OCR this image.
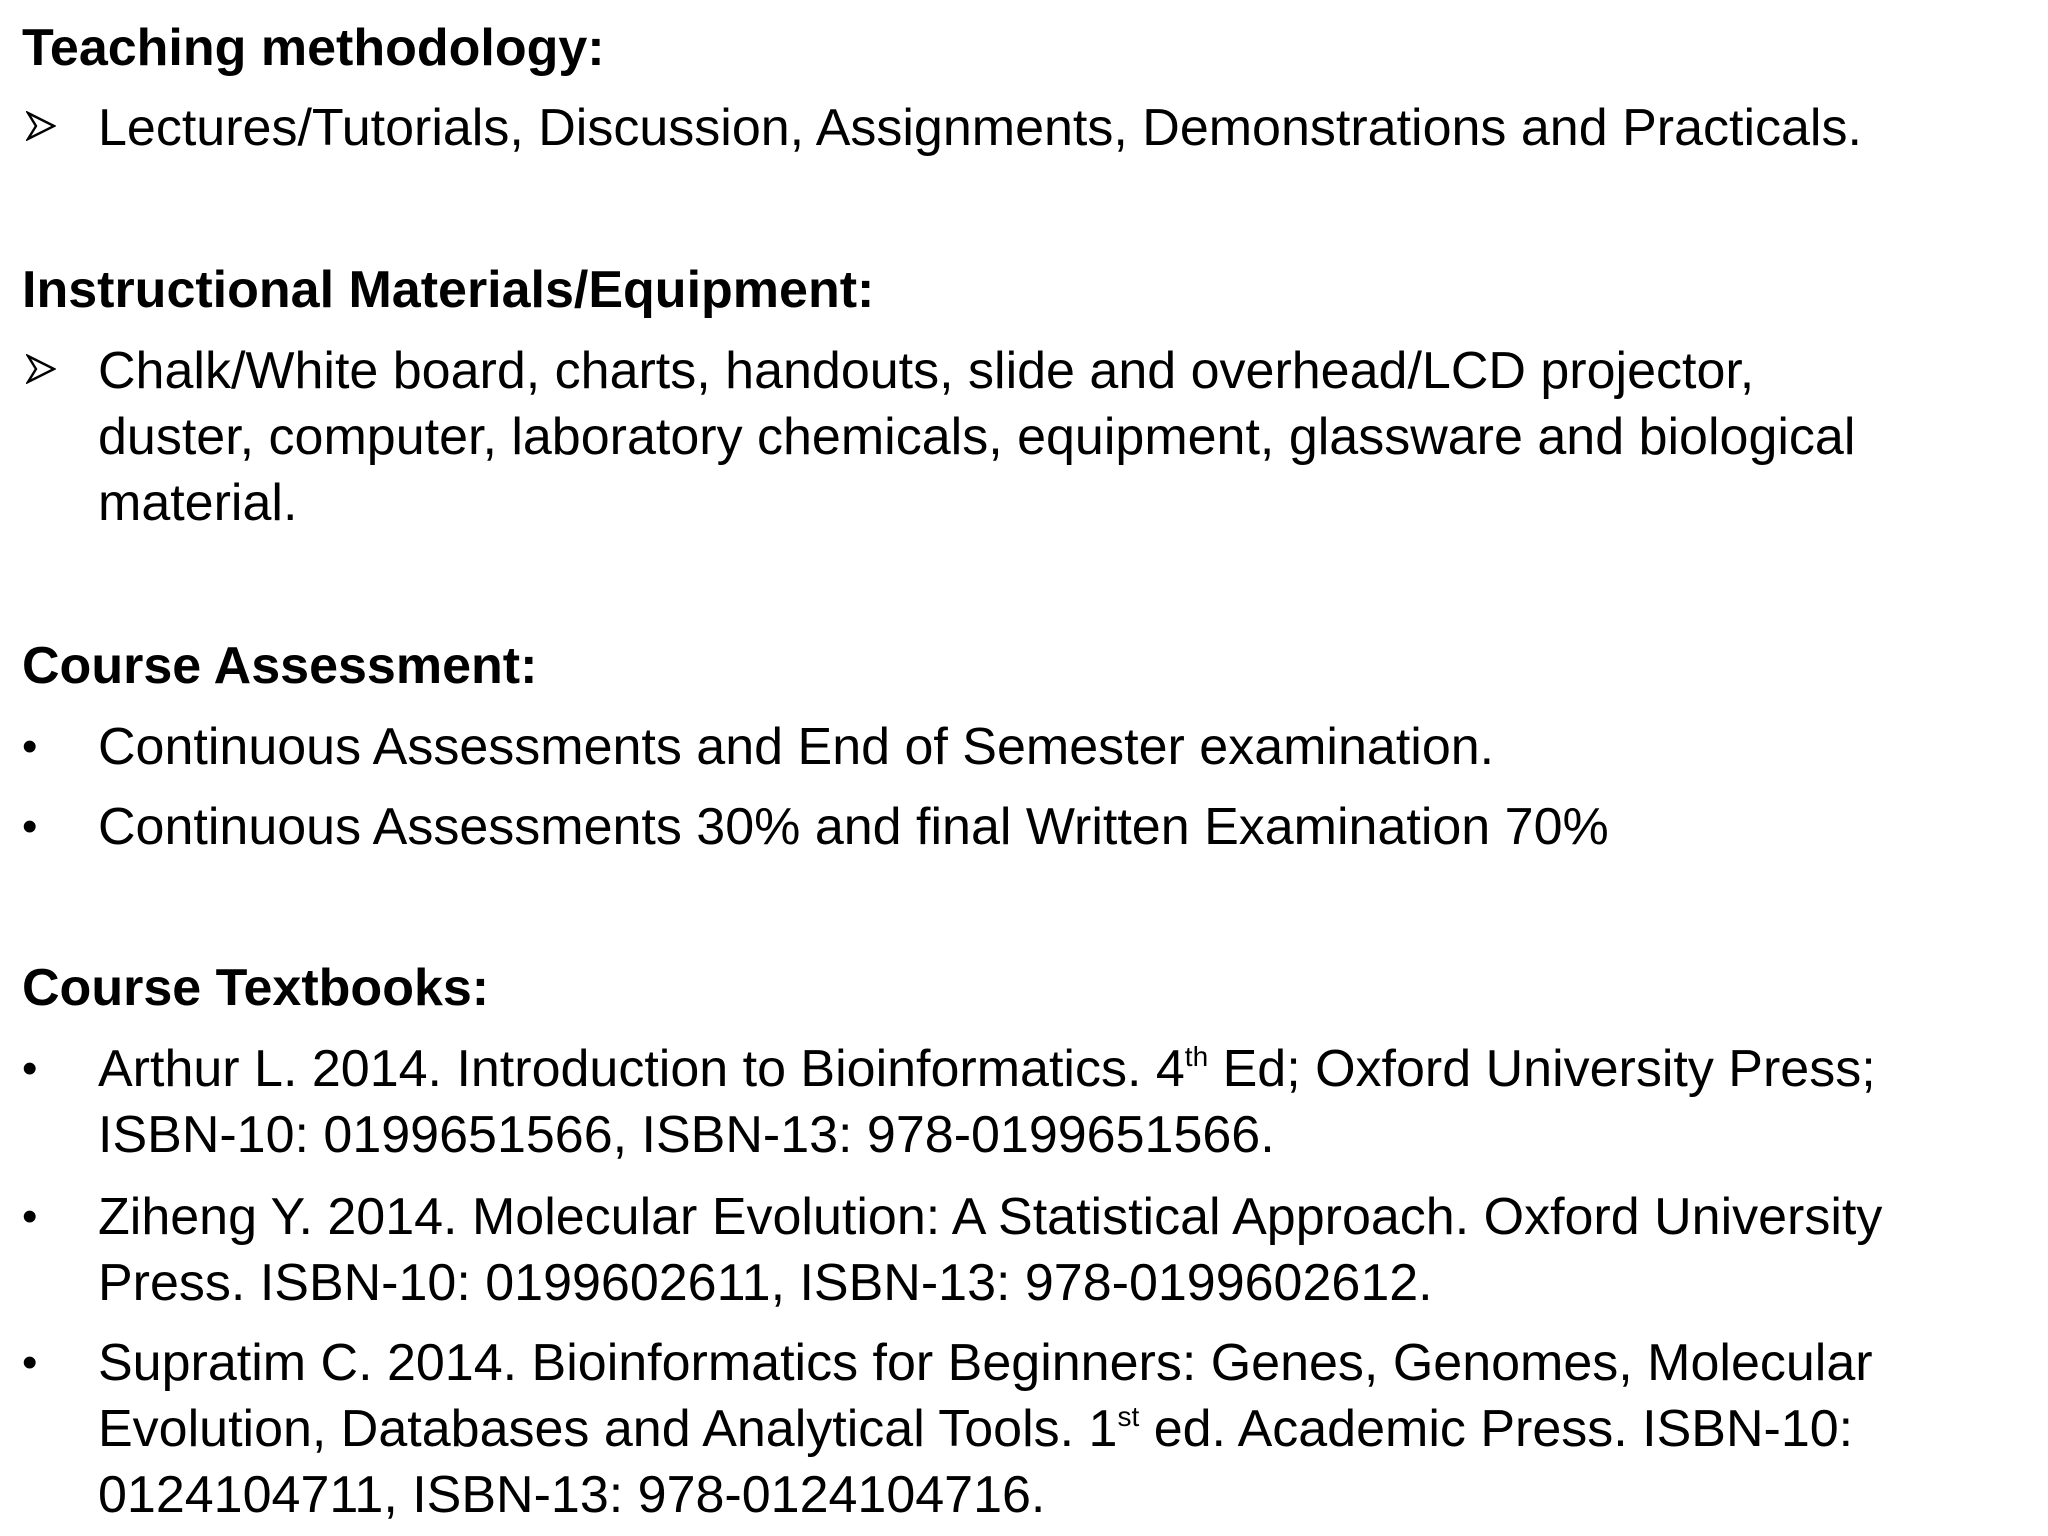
Teaching methodology:
Lectures/Tutorials, Discussion, Assignments, Demonstrations and Practicals.
Instructional Materials/Equipment:
Chalk/White board, charts, handouts, slide and overhead/LCD projector,
duster, computer, laboratory chemicals, equipment, glassware and biological
material.
Course Assessment:
•	Continuous Assessments and End of Semester examination.
•	Continuous Assessments 30% and final Written Examination 70%
Course Textbooks:
•	Arthur L. 2014. Introduction to Bioinformatics. 4th Ed; Oxford University Press;
ISBN-10: 0199651566, ISBN-13: 978-0199651566.
•	Ziheng Y. 2014. Molecular Evolution: A Statistical Approach. Oxford University
Press. ISBN-10: 0199602611, ISBN-13: 978-0199602612.
•	Supratim C. 2014. Bioinformatics for Beginners: Genes, Genomes, Molecular
Evolution, Databases and Analytical Tools. 1st ed. Academic Press. ISBN-10:
0124104711, ISBN-13: 978-0124104716.
